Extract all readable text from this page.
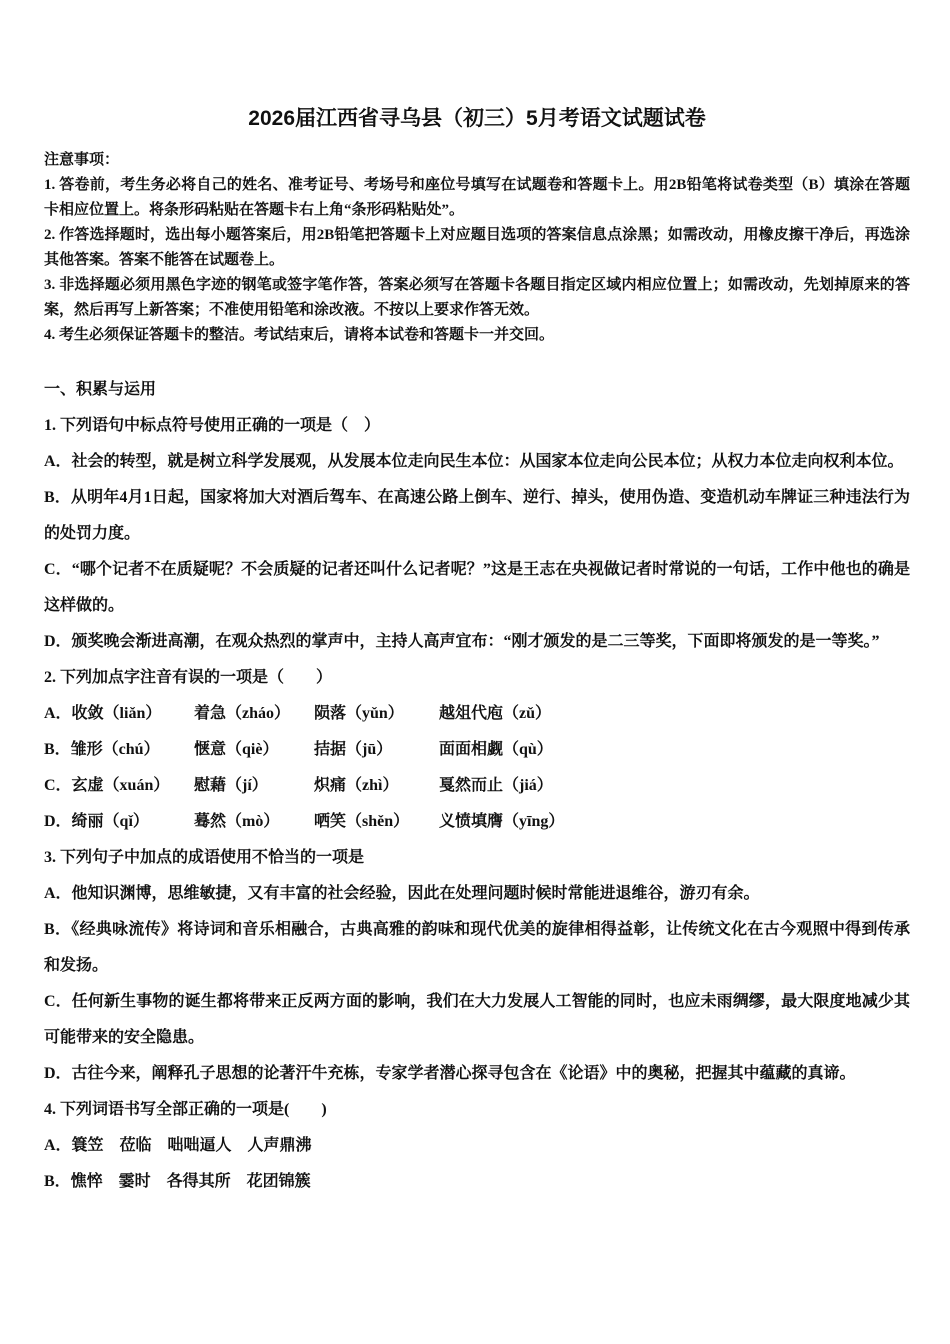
2026届江西省寻乌县（初三）5月考语文试题试卷

注意事项：

1. 答卷前，考生务必将自己的姓名、准考证号、考场号和座位号填写在试题卷和答题卡上。用2B铅笔将试卷类型（B）填涂在答题卡相应位置上。将条形码粘贴在答题卡右上角“条形码粘贴处”。

2. 作答选择题时，选出每小题答案后，用2B铅笔把答题卡上对应题目选项的答案信息点涂黑；如需改动，用橡皮擦干净后，再选涂其他答案。答案不能答在试题卷上。

3. 非选择题必须用黑色字迹的钢笔或签字笔作答，答案必须写在答题卡各题目指定区域内相应位置上；如需改动，先划掉原来的答案，然后再写上新答案；不准使用铅笔和涂改液。不按以上要求作答无效。

4. 考生必须保证答题卡的整洁。考试结束后，请将本试卷和答题卡一并交回。

一、积累与运用

1. 下列语句中标点符号使用正确的一项是（　）

A．社会的转型，就是树立科学发展观，从发展本位走向民生本位：从国家本位走向公民本位；从权力本位走向权利本位。

B．从明年4月1日起，国家将加大对酒后驾车、在高速公路上倒车、逆行、掉头，使用伪造、变造机动车牌证三种违法行为的处罚力度。

C．“哪个记者不在质疑呢？不会质疑的记者还叫什么记者呢？”这是王志在央视做记者时常说的一句话，工作中他也的确是这样做的。

D．颁奖晚会渐进高潮，在观众热烈的掌声中，主持人高声宜布：“刚才颁发的是二三等奖，下面即将颁发的是一等奖。”

2. 下列加点字注音有误的一项是（　　）

A．收敛（liǎn）	着急（zháo）	陨落（yǔn）	越俎代庖（zǔ）
B．雏形（chú）	惬意（qiè）	拮据（jū）	面面相觑（qù）
C．玄虚（xuán）	慰藉（jí）	炽痛（zhì）	戛然而止（jiá）
D．绮丽（qǐ）	蓦然（mò）	哂笑（shěn）	义愤填膺（yīng）

3. 下列句子中加点的成语使用不恰当的一项是

A．他知识渊博，思维敏捷，又有丰富的社会经验，因此在处理问题时候时常能进退维谷，游刃有余。

B．《经典咏流传》将诗词和音乐相融合，古典高雅的韵味和现代优美的旋律相得益彰，让传统文化在古今观照中得到传承和发扬。

C．任何新生事物的诞生都将带来正反两方面的影响，我们在大力发展人工智能的同时，也应未雨绸缪，最大限度地减少其可能带来的安全隐患。

D．古往今来，阐释孔子思想的论著汗牛充栋，专家学者潜心探寻包含在《论语》中的奥秘，把握其中蕴藏的真谛。

4. 下列词语书写全部正确的一项是(　　)

A．簑笠　莅临　咄咄逼人　人声鼎沸

B．憔悴　霎时　各得其所　花团锦簇
